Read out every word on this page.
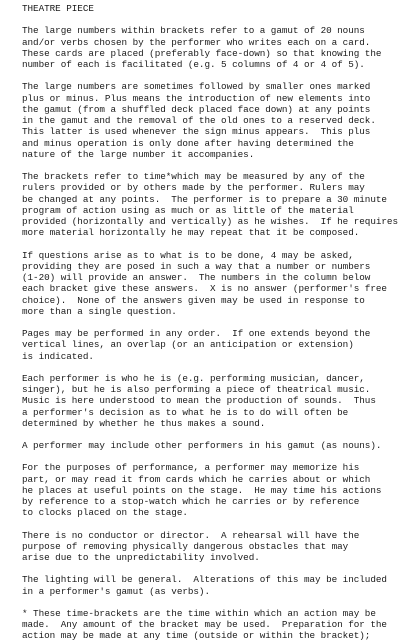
THEATRE PIECE
The large numbers within brackets refer to a gamut of 20 nouns
and/or verbs chosen by the performer who writes each on a card.
These cards are placed (preferably face-down) so that knowing the
number of each is facilitated (e.g. 5 columns of 4 or 4 of 5).
The large numbers are sometimes followed by smaller ones marked
plus or minus. Plus means the introduction of new elements into
the gamut (from a shuffled deck placed face down) at any points
in the gamut and the removal of the old ones to a reserved deck.
This latter is used whenever the sign minus appears.  This plus
and minus operation is only done after having determined the
nature of the large number it accompanies.
The brackets refer to time*which may be measured by any of the
rulers provided or by others made by the performer. Rulers may
be changed at any points.  The performer is to prepare a 30 minute
program of action using as much or as little of the material
provided (horizontally and vertically) as he wishes.  If he requires
more material horizontally he may repeat that it be composed.
If questions arise as to what is to be done, 4 may be asked,
providing they are posed in such a way that a number or numbers
(1-20) will provide an answer.  The numbers in the column below
each bracket give these answers.  X is no answer (performer's free
choice).  None of the answers given may be used in response to
more than a single question.
Pages may be performed in any order.  If one extends beyond the
vertical lines, an overlap (or an anticipation or extension)
is indicated.
Each performer is who he is (e.g. performing musician, dancer,
singer), but he is also performing a piece of theatrical music.
Music is here understood to mean the production of sounds.  Thus
a performer's decision as to what he is to do will often be
determined by whether he thus makes a sound.
A performer may include other performers in his gamut (as nouns).
For the purposes of performance, a performer may memorize his
part, or may read it from cards which he carries about or which
he places at useful points on the stage.  He may time his actions
by reference to a stop-watch which he carries or by reference
to clocks placed on the stage.
There is no conductor or director.  A rehearsal will have the
purpose of removing physically dangerous obstacles that may
arise due to the unpredictability involved.
The lighting will be general.  Alterations of this may be included
in a performer's gamut (as verbs).
* These time-brackets are the time within which an action may be
made.  Any amount of the bracket may be used.  Preparation for the
action may be made at any time (outside or within the bracket);
